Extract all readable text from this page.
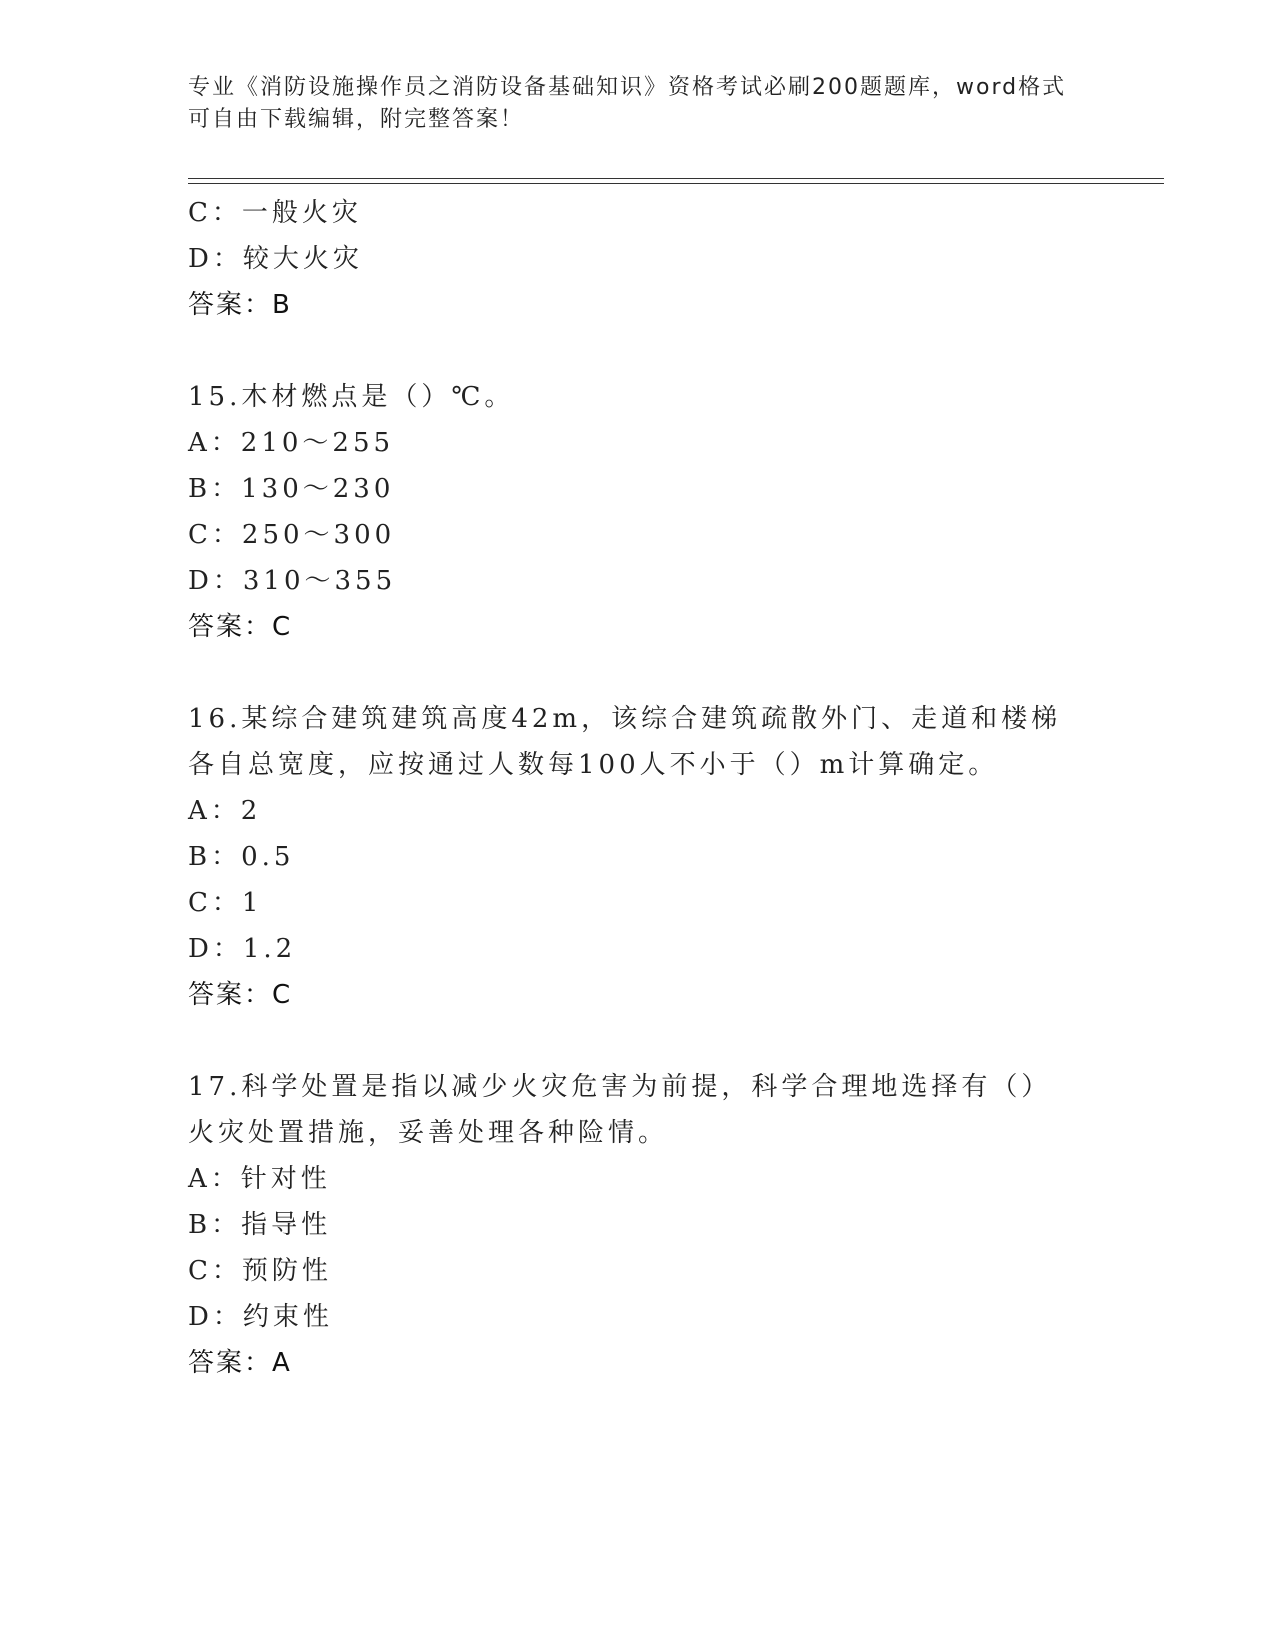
专业《消防设施操作员之消防设备基础知识》资格考试必刷200题题库，word格式可自由下载编辑，附完整答案！
C：一般火灾
D：较大火灾
答案：B
15.木材燃点是（）℃。
A：210～255
B：130～230
C：250～300
D：310～355
答案：C
16.某综合建筑建筑高度42m，该综合建筑疏散外门、走道和楼梯各自总宽度，应按通过人数每100人不小于（）m计算确定。
A：2
B：0.5
C：1
D：1.2
答案：C
17.科学处置是指以减少火灾危害为前提，科学合理地选择有（）火灾处置措施，妥善处理各种险情。
A：针对性
B：指导性
C：预防性
D：约束性
答案：A
